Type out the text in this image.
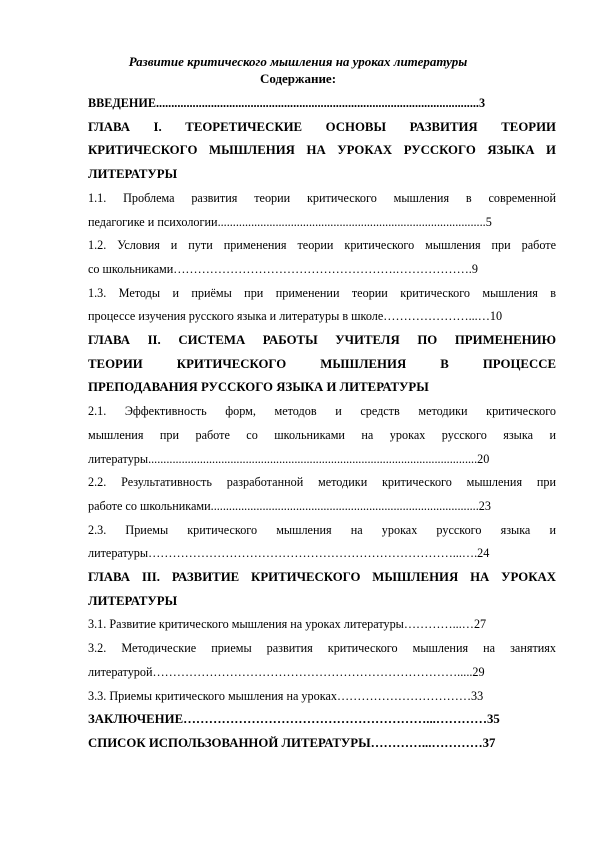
Развитие критического мышления на уроках литературы
Содержание:

ВВЕДЕНИЕ..........................................................................................................3

ГЛАВА I. ТЕОРЕТИЧЕСКИЕ ОСНОВЫ РАЗВИТИЯ ТЕОРИИ

КРИТИЧЕСКОГО МЫШЛЕНИЯ НА УРОКАХ РУССКОГО ЯЗЫКА И

ЛИТЕРАТУРЫ

1.1. Проблема развития теории критического мышления в современной

педагогике и психологии........................................................................................5

1.2. Условия и пути применения теории критического мышления при работе

со школьниками……………………………………………….……………….9

1.3. Методы и приёмы при применении теории критического мышления в

процессе изучения русского языка и литературы в школе…………………...…10

ГЛАВА II. СИСТЕМА РАБОТЫ УЧИТЕЛЯ ПО ПРИМЕНЕНИЮ

ТЕОРИИ КРИТИЧЕСКОГО МЫШЛЕНИЯ В ПРОЦЕССЕ

ПРЕПОДАВАНИЯ РУССКОГО ЯЗЫКА И ЛИТЕРАТУРЫ

2.1. Эффективность форм, методов и средств методики критического

мышления при работе со школьниками на уроках русского языка и

литературы............................................................................................................20

2.2. Результативность разработанной методики критического мышления при

работе со школьниками........................................................................................23

2.3. Приемы критического мышления на уроках русского языка и

литературы…………………………………………………………………...….24

ГЛАВА III. РАЗВИТИЕ КРИТИЧЕСКОГО МЫШЛЕНИЯ НА УРОКАХ

ЛИТЕРАТУРЫ

3.1. Развитие критического мышления на уроках литературы…………...…27

3.2. Методические приемы развития критического мышления на занятиях

литературой………………………………………………………………….....29

3.3. Приемы критического мышления на уроках……………………………33

ЗАКЛЮЧЕНИЕ…………………………………………………...…………35

СПИСОК ИСПОЛЬЗОВАННОЙ ЛИТЕРАТУРЫ…………...…………37
